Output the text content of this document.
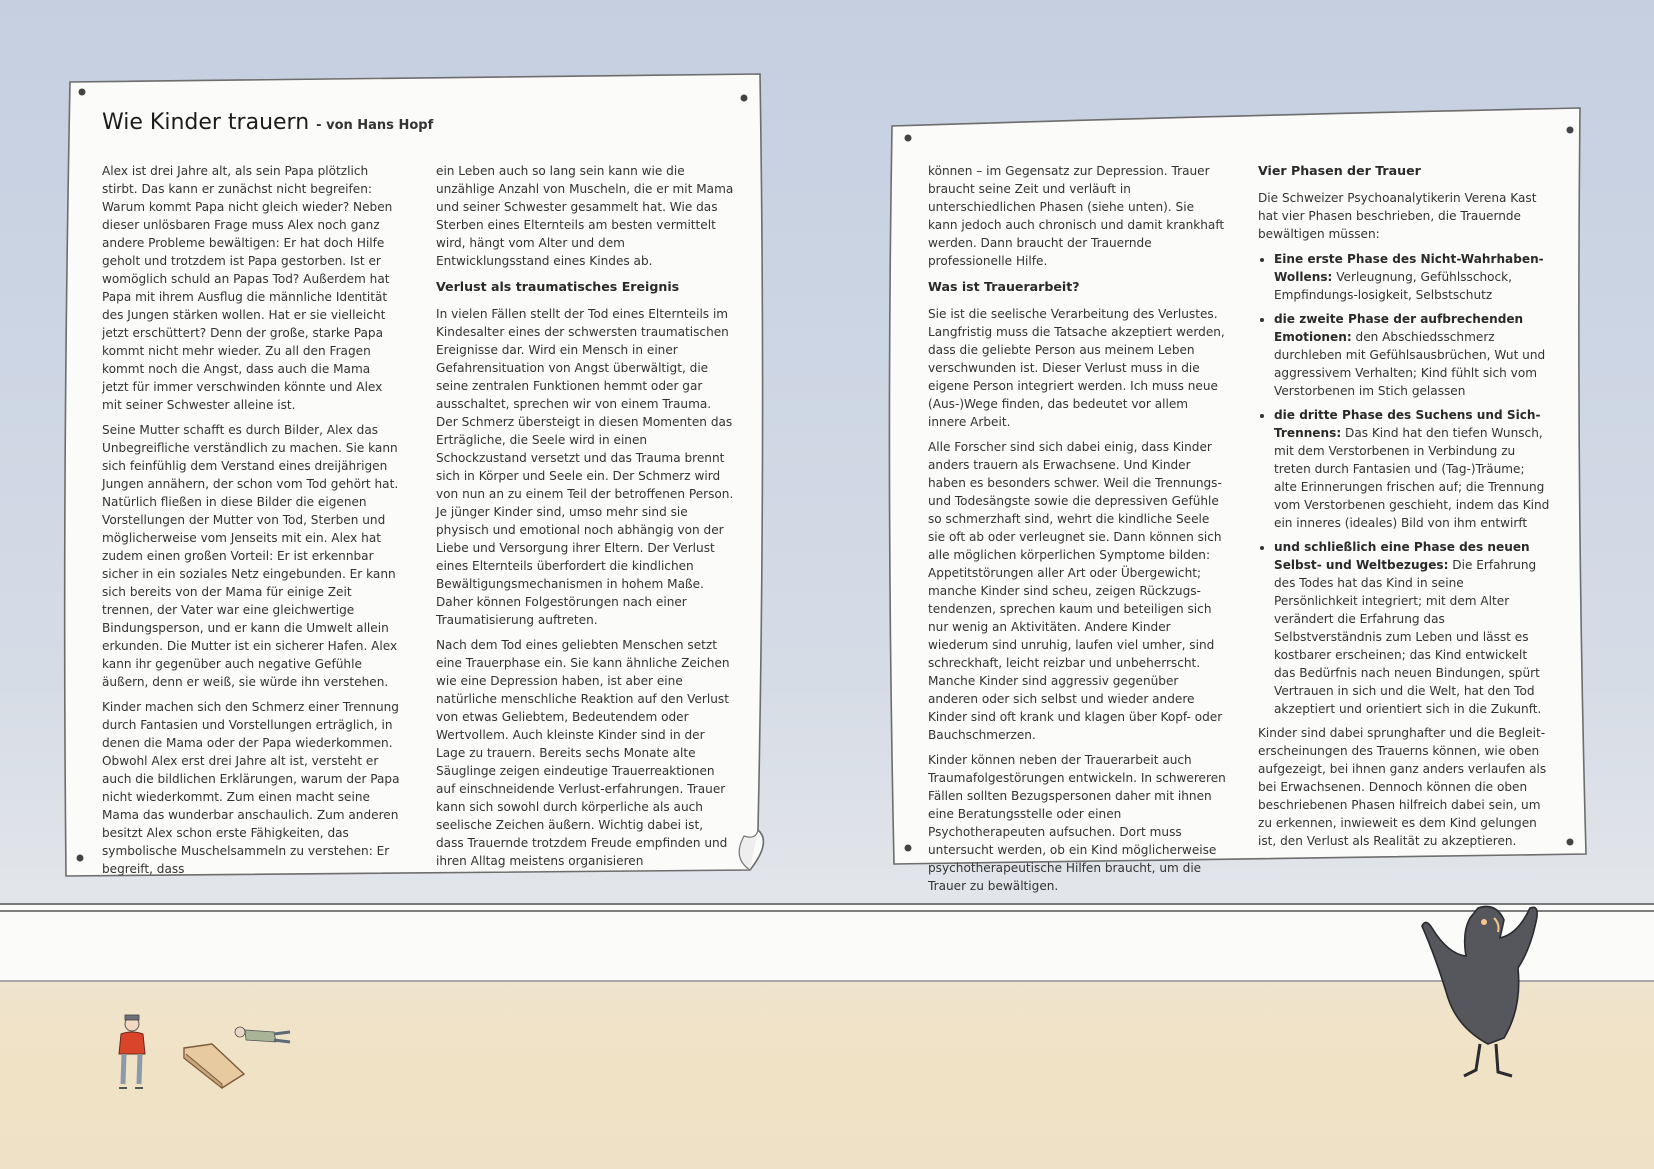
Wie Kinder trauern - von Hans Hopf

Alex ist drei Jahre alt, als sein Papa plötzlich stirbt. Das kann er zunächst nicht begreifen: Warum kommt Papa nicht gleich wieder? Neben dieser unlösbaren Frage muss Alex noch ganz andere Probleme bewältigen: Er hat doch Hilfe geholt und trotzdem ist Papa gestorben. Ist er womöglich schuld an Papas Tod? Außerdem hat Papa mit ihrem Ausflug die männliche Identität des Jungen stärken wollen. Hat er sie vielleicht jetzt erschüttert? Denn der große, starke Papa kommt nicht mehr wieder. Zu all den Fragen kommt noch die Angst, dass auch die Mama jetzt für immer verschwinden könnte und Alex mit seiner Schwester alleine ist.

Seine Mutter schafft es durch Bilder, Alex das Unbegreifliche verständlich zu machen. Sie kann sich feinfühlig dem Verstand eines dreijährigen Jungen annähern, der schon vom Tod gehört hat. Natürlich fließen in diese Bilder die eigenen Vorstellungen der Mutter von Tod, Sterben und möglicherweise vom Jenseits mit ein. Alex hat zudem einen großen Vorteil: Er ist erkennbar sicher in ein soziales Netz eingebunden. Er kann sich bereits von der Mama für einige Zeit trennen, der Vater war eine gleichwertige Bindungsperson, und er kann die Umwelt allein erkunden. Die Mutter ist ein sicherer Hafen. Alex kann ihr gegenüber auch negative Gefühle äußern, denn er weiß, sie würde ihn verstehen.

Kinder machen sich den Schmerz einer Trennung durch Fantasien und Vorstellungen erträglich, in denen die Mama oder der Papa wiederkommen. Obwohl Alex erst drei Jahre alt ist, versteht er auch die bildlichen Erklärungen, warum der Papa nicht wiederkommt. Zum einen macht seine Mama das wunderbar anschaulich. Zum anderen besitzt Alex schon erste Fähigkeiten, das symbolische Muschelsammeln zu verstehen: Er begreift, dass

ein Leben auch so lang sein kann wie die unzählige Anzahl von Muscheln, die er mit Mama und seiner Schwester gesammelt hat. Wie das Sterben eines Elternteils am besten vermittelt wird, hängt vom Alter und dem Entwicklungsstand eines Kindes ab.

Verlust als traumatisches Ereignis

In vielen Fällen stellt der Tod eines Elternteils im Kindesalter eines der schwersten traumatischen Ereignisse dar. Wird ein Mensch in einer Gefahrensituation von Angst überwältigt, die seine zentralen Funktionen hemmt oder gar ausschaltet, sprechen wir von einem Trauma. Der Schmerz übersteigt in diesen Momenten das Erträgliche, die Seele wird in einen Schockzustand versetzt und das Trauma brennt sich in Körper und Seele ein. Der Schmerz wird von nun an zu einem Teil der betroffenen Person. Je jünger Kinder sind, umso mehr sind sie physisch und emotional noch abhängig von der Liebe und Versorgung ihrer Eltern. Der Verlust eines Elternteils überfordert die kindlichen Bewältigungsmechanismen in hohem Maße. Daher können Folgestörungen nach einer Traumatisierung auftreten.

Nach dem Tod eines geliebten Menschen setzt eine Trauerphase ein. Sie kann ähnliche Zeichen wie eine Depression haben, ist aber eine natürliche menschliche Reaktion auf den Verlust von etwas Geliebtem, Bedeutendem oder Wertvollem. Auch kleinste Kinder sind in der Lage zu trauern. Bereits sechs Monate alte Säuglinge zeigen eindeutige Trauerreaktionen auf einschneidende Verlust-erfahrungen. Trauer kann sich sowohl durch körperliche als auch seelische Zeichen äußern. Wichtig dabei ist, dass Trauernde trotzdem Freude empfinden und ihren Alltag meistens organisieren

können – im Gegensatz zur Depression. Trauer braucht seine Zeit und verläuft in unterschiedlichen Phasen (siehe unten). Sie kann jedoch auch chronisch und damit krankhaft werden. Dann braucht der Trauernde professionelle Hilfe.

Was ist Trauerarbeit?

Sie ist die seelische Verarbeitung des Verlustes. Langfristig muss die Tatsache akzeptiert werden, dass die geliebte Person aus meinem Leben verschwunden ist. Dieser Verlust muss in die eigene Person integriert werden. Ich muss neue (Aus-)Wege finden, das bedeutet vor allem innere Arbeit.

Alle Forscher sind sich dabei einig, dass Kinder anders trauern als Erwachsene. Und Kinder haben es besonders schwer. Weil die Trennungs- und Todesängste sowie die depressiven Gefühle so schmerzhaft sind, wehrt die kindliche Seele sie oft ab oder verleugnet sie. Dann können sich alle möglichen körperlichen Symptome bilden: Appetitstörungen aller Art oder Übergewicht; manche Kinder sind scheu, zeigen Rückzugs-tendenzen, sprechen kaum und beteiligen sich nur wenig an Aktivitäten. Andere Kinder wiederum sind unruhig, laufen viel umher, sind schreckhaft, leicht reizbar und unbeherrscht. Manche Kinder sind aggressiv gegenüber anderen oder sich selbst und wieder andere Kinder sind oft krank und klagen über Kopf- oder Bauchschmerzen.

Kinder können neben der Trauerarbeit auch Traumafolgestörungen entwickeln. In schwereren Fällen sollten Bezugspersonen daher mit ihnen eine Beratungsstelle oder einen Psychotherapeuten aufsuchen. Dort muss untersucht werden, ob ein Kind möglicherweise psychotherapeutische Hilfen braucht, um die Trauer zu bewältigen.

Vier Phasen der Trauer

Die Schweizer Psychoanalytikerin Verena Kast hat vier Phasen beschrieben, die Trauernde bewältigen müssen:

• Eine erste Phase des Nicht-Wahrhaben-Wollens: Verleugnung, Gefühlsschock, Empfindungs-losigkeit, Selbstschutz
• die zweite Phase der aufbrechenden Emotionen: den Abschiedsschmerz durchleben mit Gefühlsausbrüchen, Wut und aggressivem Verhalten; Kind fühlt sich vom Verstorbenen im Stich gelassen
• die dritte Phase des Suchens und Sich-Trennens: Das Kind hat den tiefen Wunsch, mit dem Verstorbenen in Verbindung zu treten durch Fantasien und (Tag-)Träume; alte Erinnerungen frischen auf; die Trennung vom Verstorbenen geschieht, indem das Kind ein inneres (ideales) Bild von ihm entwirft
• und schließlich eine Phase des neuen Selbst- und Weltbezuges: Die Erfahrung des Todes hat das Kind in seine Persönlichkeit integriert; mit dem Alter verändert die Erfahrung das Selbstverständnis zum Leben und lässt es kostbarer erscheinen; das Kind entwickelt das Bedürfnis nach neuen Bindungen, spürt Vertrauen in sich und die Welt, hat den Tod akzeptiert und orientiert sich in die Zukunft.

Kinder sind dabei sprunghafter und die Begleit-erscheinungen des Trauerns können, wie oben aufgezeigt, bei ihnen ganz anders verlaufen als bei Erwachsenen. Dennoch können die oben beschriebenen Phasen hilfreich dabei sein, um zu erkennen, inwieweit es dem Kind gelungen ist, den Verlust als Realität zu akzeptieren.
